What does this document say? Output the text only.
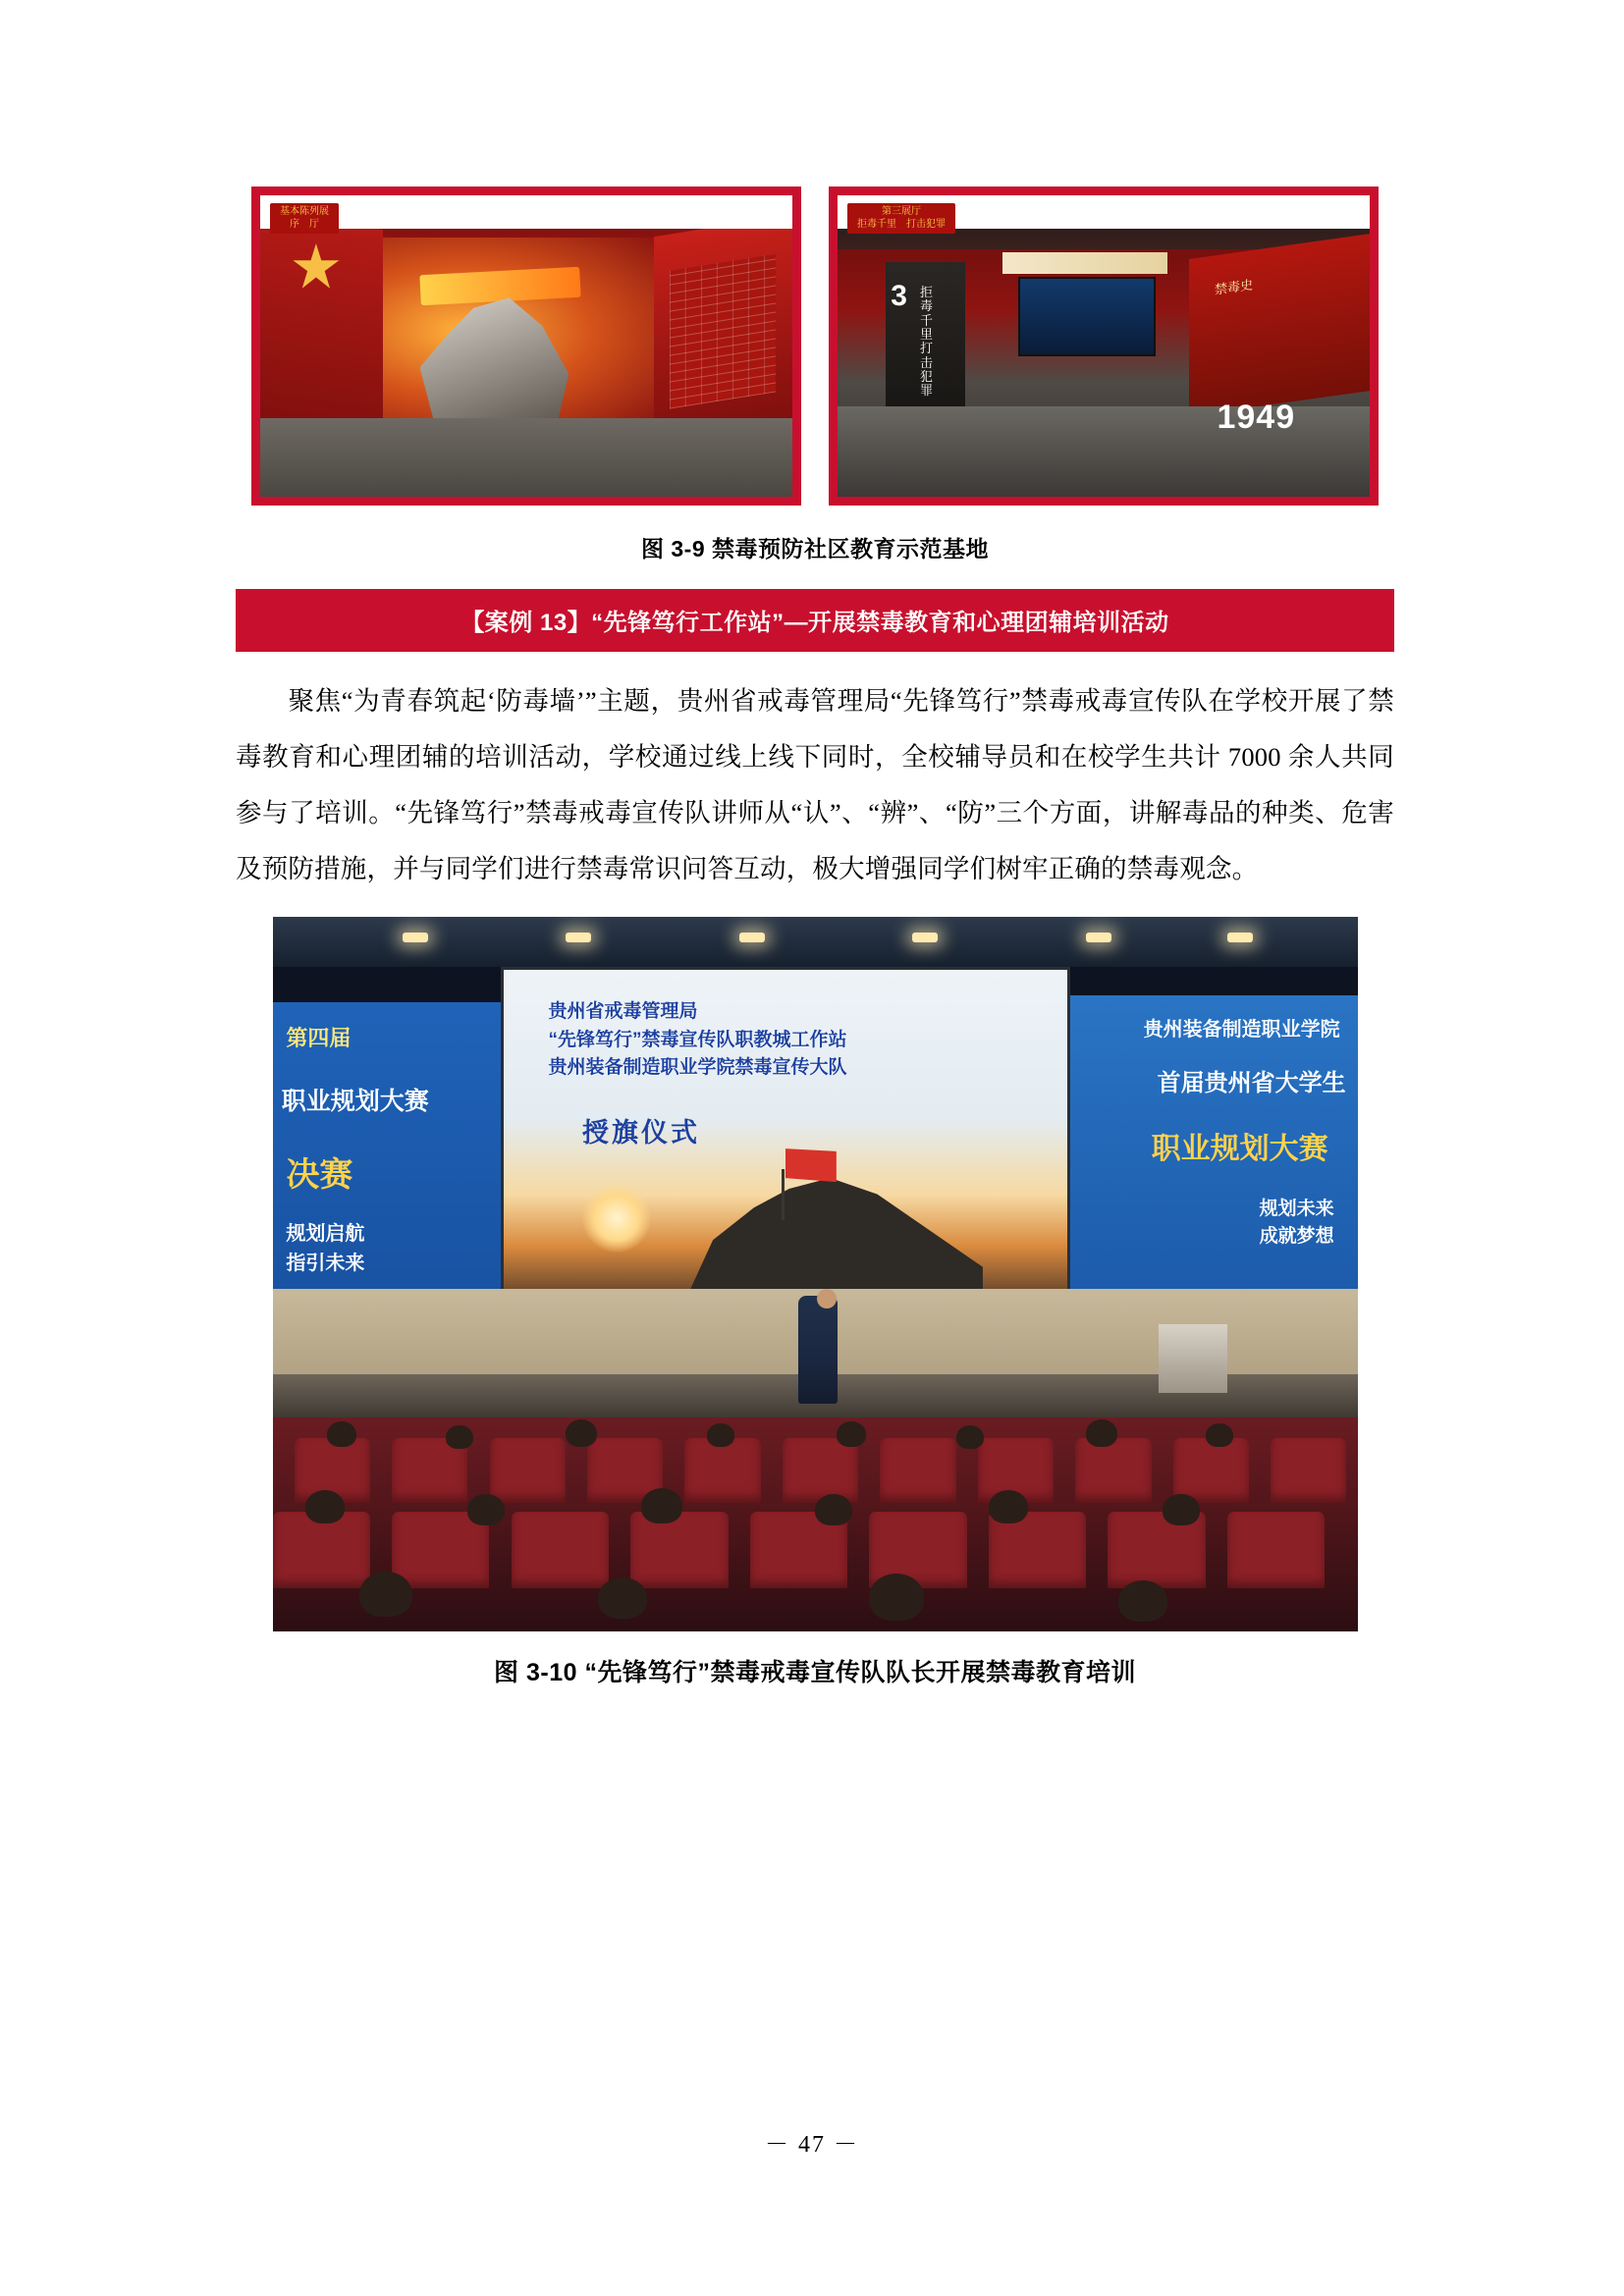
基本陈列展
序　厅
3 拒
毒
千
里
打
击
犯
罪
禁毒史
1949
第三展厅
拒毒千里　打击犯罪
图 3-9 禁毒预防社区教育示范基地
【案例 13】“先锋笃行工作站”—开展禁毒教育和心理团辅培训活动
聚焦“为青春筑起‘防毒墙’”主题，贵州省戒毒管理局“先锋笃行”禁毒戒毒宣传队在学校开展了禁毒教育和心理团辅的培训活动，学校通过线上线下同时，全校辅导员和在校学生共计 7000 余人共同参与了培训。“先锋笃行”禁毒戒毒宣传队讲师从“认”、“辨”、“防”三个方面，讲解毒品的种类、危害及预防措施，并与同学们进行禁毒常识问答互动，极大增强同学们树牢正确的禁毒观念。
第四届
职业规划大赛
决赛
规划启航
指引未来
贵州装备制造职业学院
首届贵州省大学生
职业规划大赛
规划未来
成就梦想
贵州省戒毒管理局
“先锋笃行”禁毒宣传队职教城工作站
贵州装备制造职业学院禁毒宣传大队
授旗仪式
图 3-10 “先锋笃行”禁毒戒毒宣传队队长开展禁毒教育培训
－ 47 －
